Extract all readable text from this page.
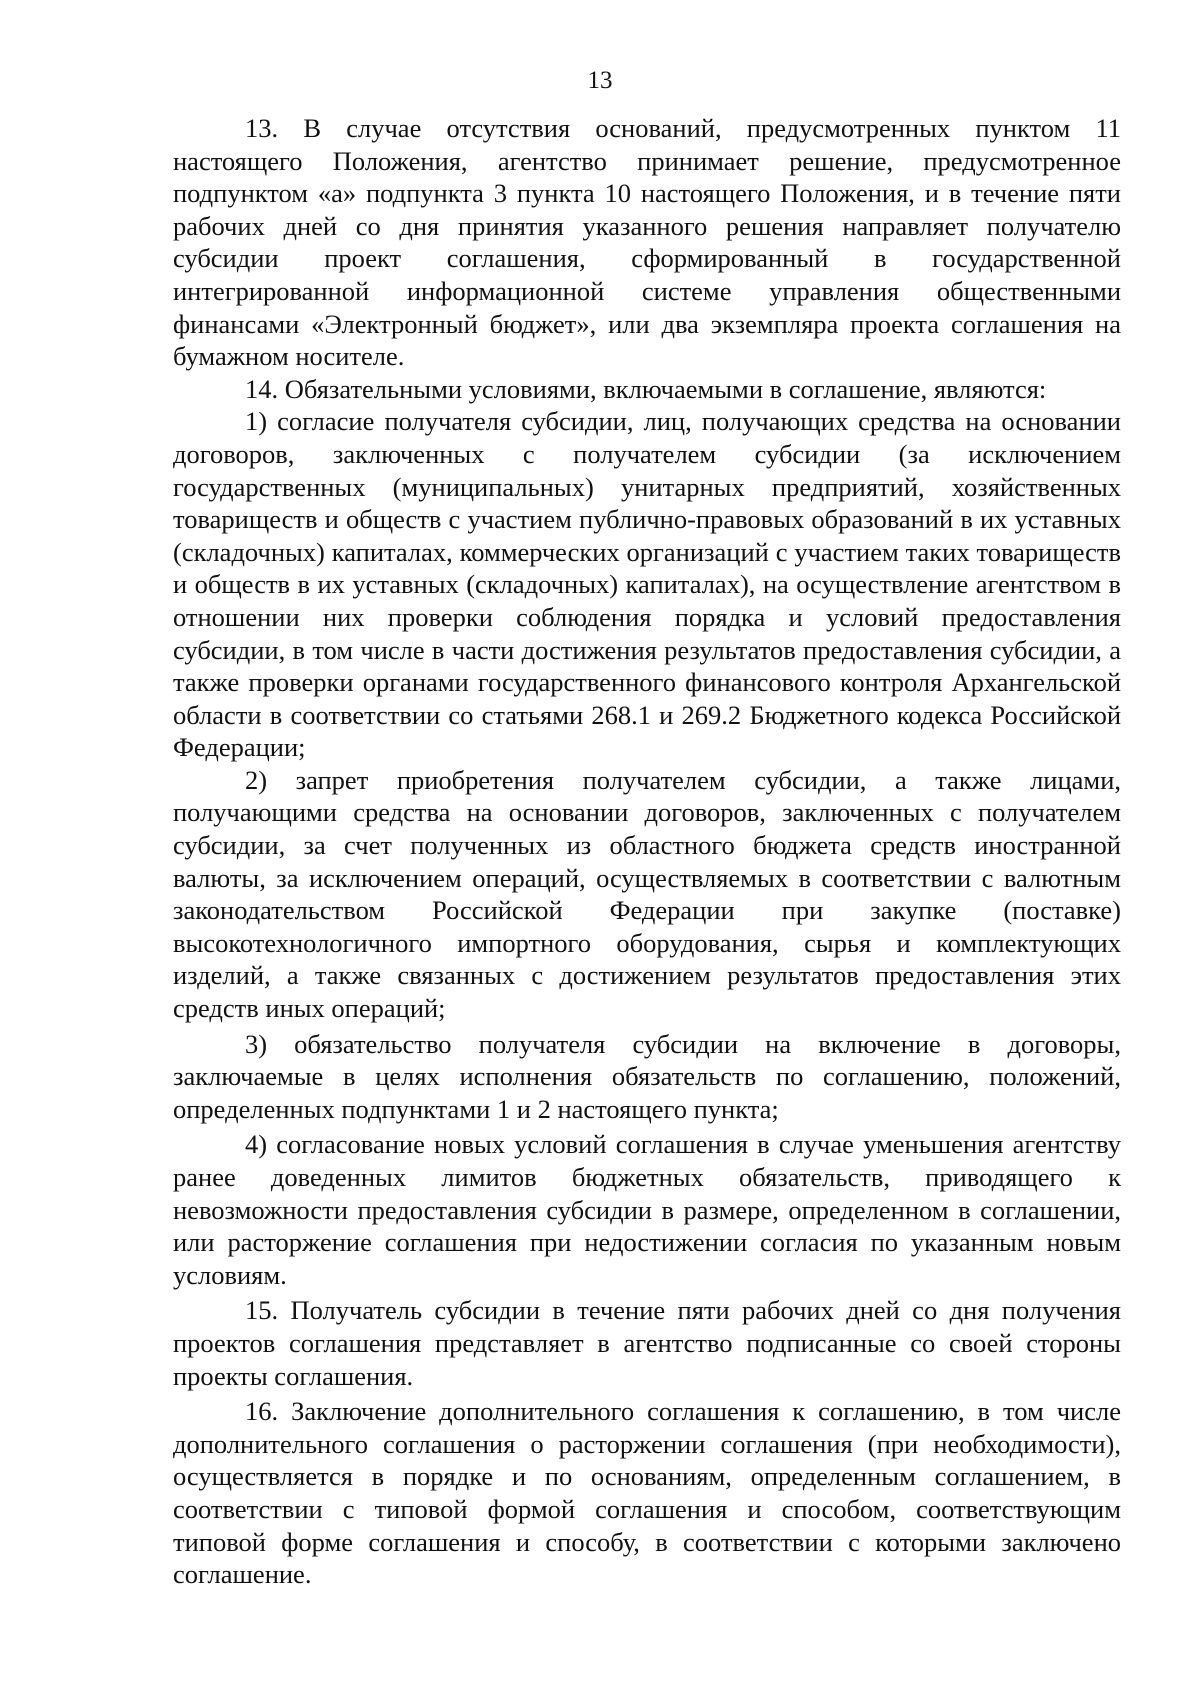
13

13. В случае отсутствия оснований, предусмотренных пунктом 11 настоящего Положения, агентство принимает решение, предусмотренное подпунктом «а» подпункта 3 пункта 10 настоящего Положения, и в течение пяти рабочих дней со дня принятия указанного решения направляет получателю субсидии проект соглашения, сформированный в государственной интегрированной информационной системе управления общественными финансами «Электронный бюджет», или два экземпляра проекта соглашения на бумажном носителе.

14. Обязательными условиями, включаемыми в соглашение, являются:

1) согласие получателя субсидии, лиц, получающих средства на основании договоров, заключенных с получателем субсидии (за исключением государственных (муниципальных) унитарных предприятий, хозяйственных товариществ и обществ с участием публично-правовых образований в их уставных (складочных) капиталах, коммерческих организаций с участием таких товариществ и обществ в их уставных (складочных) капиталах), на осуществление агентством в отношении них проверки соблюдения порядка и условий предоставления субсидии, в том числе в части достижения результатов предоставления субсидии, а также проверки органами государственного финансового контроля Архангельской области в соответствии со статьями 268.1 и 269.2 Бюджетного кодекса Российской Федерации;

2) запрет приобретения получателем субсидии, а также лицами, получающими средства на основании договоров, заключенных с получателем субсидии, за счет полученных из областного бюджета средств иностранной валюты, за исключением операций, осуществляемых в соответствии с валютным законодательством Российской Федерации при закупке (поставке) высокотехнологичного импортного оборудования, сырья и комплектующих изделий, а также связанных с достижением результатов предоставления этих средств иных операций;

3) обязательство получателя субсидии на включение в договоры, заключаемые в целях исполнения обязательств по соглашению, положений, определенных подпунктами 1 и 2 настоящего пункта;

4) согласование новых условий соглашения в случае уменьшения агентству ранее доведенных лимитов бюджетных обязательств, приводящего к невозможности предоставления субсидии в размере, определенном в соглашении, или расторжение соглашения при недостижении согласия по указанным новым условиям.

15. Получатель субсидии в течение пяти рабочих дней со дня получения проектов соглашения представляет в агентство подписанные со своей стороны проекты соглашения.

16. Заключение дополнительного соглашения к соглашению, в том числе дополнительного соглашения о расторжении соглашения (при необходимости), осуществляется в порядке и по основаниям, определенным соглашением, в соответствии с типовой формой соглашения и способом, соответствующим типовой форме соглашения и способу, в соответствии с которыми заключено соглашение.
